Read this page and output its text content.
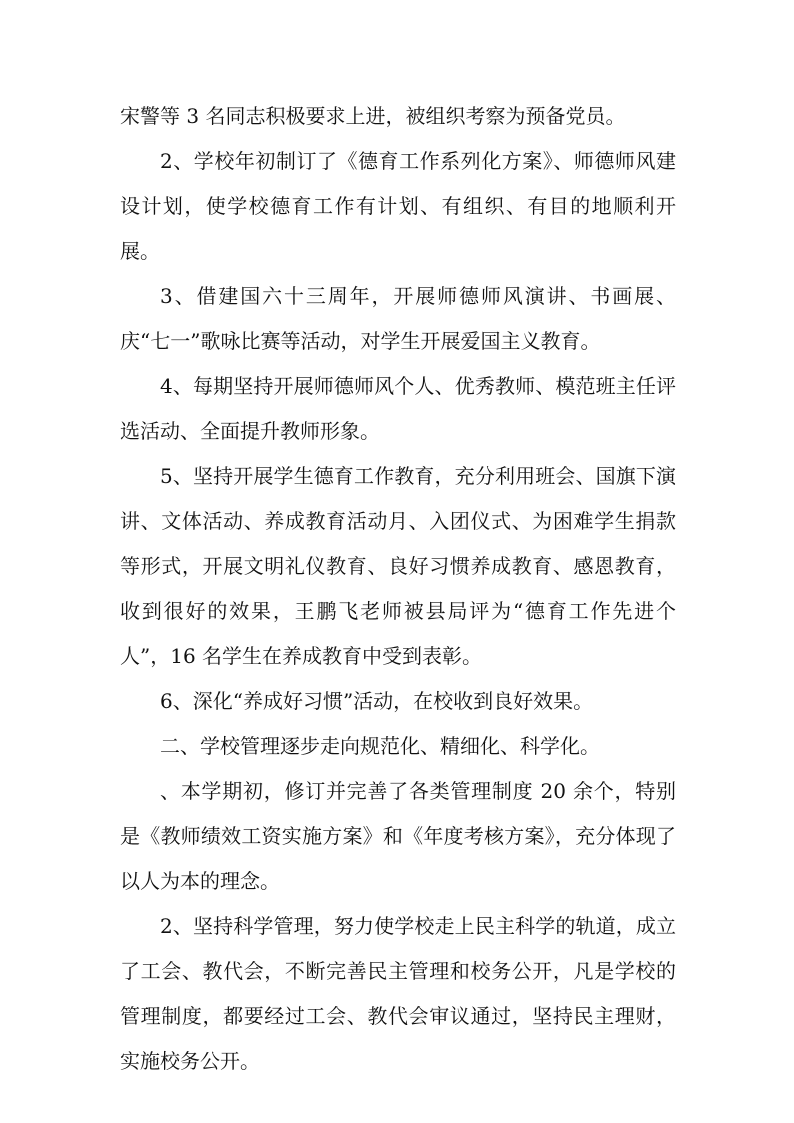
宋警等 3 名同志积极要求上进，被组织考察为预备党员。

2、学校年初制订了《德育工作系列化方案》、师德师风建设计划，使学校德育工作有计划、有组织、有目的地顺利开展。

3、借建国六十三周年，开展师德师风演讲、书画展、庆“七一”歌咏比赛等活动，对学生开展爱国主义教育。

4、每期坚持开展师德师风个人、优秀教师、模范班主任评选活动、全面提升教师形象。

5、坚持开展学生德育工作教育，充分利用班会、国旗下演讲、文体活动、养成教育活动月、入团仪式、为困难学生捐款等形式，开展文明礼仪教育、良好习惯养成教育、感恩教育，收到很好的效果，王鹏飞老师被县局评为“德育工作先进个人”，16 名学生在养成教育中受到表彰。

6、深化“养成好习惯”活动，在校收到良好效果。

二、学校管理逐步走向规范化、精细化、科学化。

、本学期初，修订并完善了各类管理制度 20 余个，特别是《教师绩效工资实施方案》和《年度考核方案》，充分体现了以人为本的理念。

2、坚持科学管理，努力使学校走上民主科学的轨道，成立了工会、教代会，不断完善民主管理和校务公开，凡是学校的管理制度，都要经过工会、教代会审议通过，坚持民主理财，实施校务公开。
